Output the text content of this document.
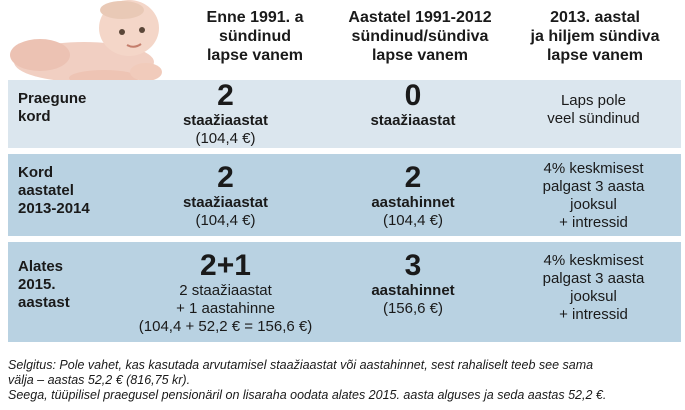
Enne 1991. a
sündinud
lapse vanem
Aastatel 1991-2012
sündinud/sündiva
lapse vanem
2013. aastal
ja hiljem sündiva
lapse vanem
Praegune
kord
2
staažiaastat
(104,4 €)
0
staažiaastat
Laps pole
veel sündinud
Kord
aastatel
2013-2014
2
staažiaastat
(104,4 €)
2
aastahinnet
(104,4 €)
4% keskmisest
palgast 3 aasta
jooksul
+ intressid
Alates
2015.
aastast
2+1
2 staažiaastat
+ 1 aastahinne
(104,4 + 52,2 € = 156,6 €)
3
aastahinnet
(156,6 €)
4% keskmisest
palgast 3 aasta
jooksul
+ intressid
Selgitus: Pole vahet, kas kasutada arvutamisel staažiaastat või aastahinnet, sest rahaliselt teeb see sama
välja – aastas 52,2 € (816,75 kr).
Seega, tüüpilisel praegusel pensionäril on lisaraha oodata alates 2015. aasta alguses ja seda aastas 52,2 €.
